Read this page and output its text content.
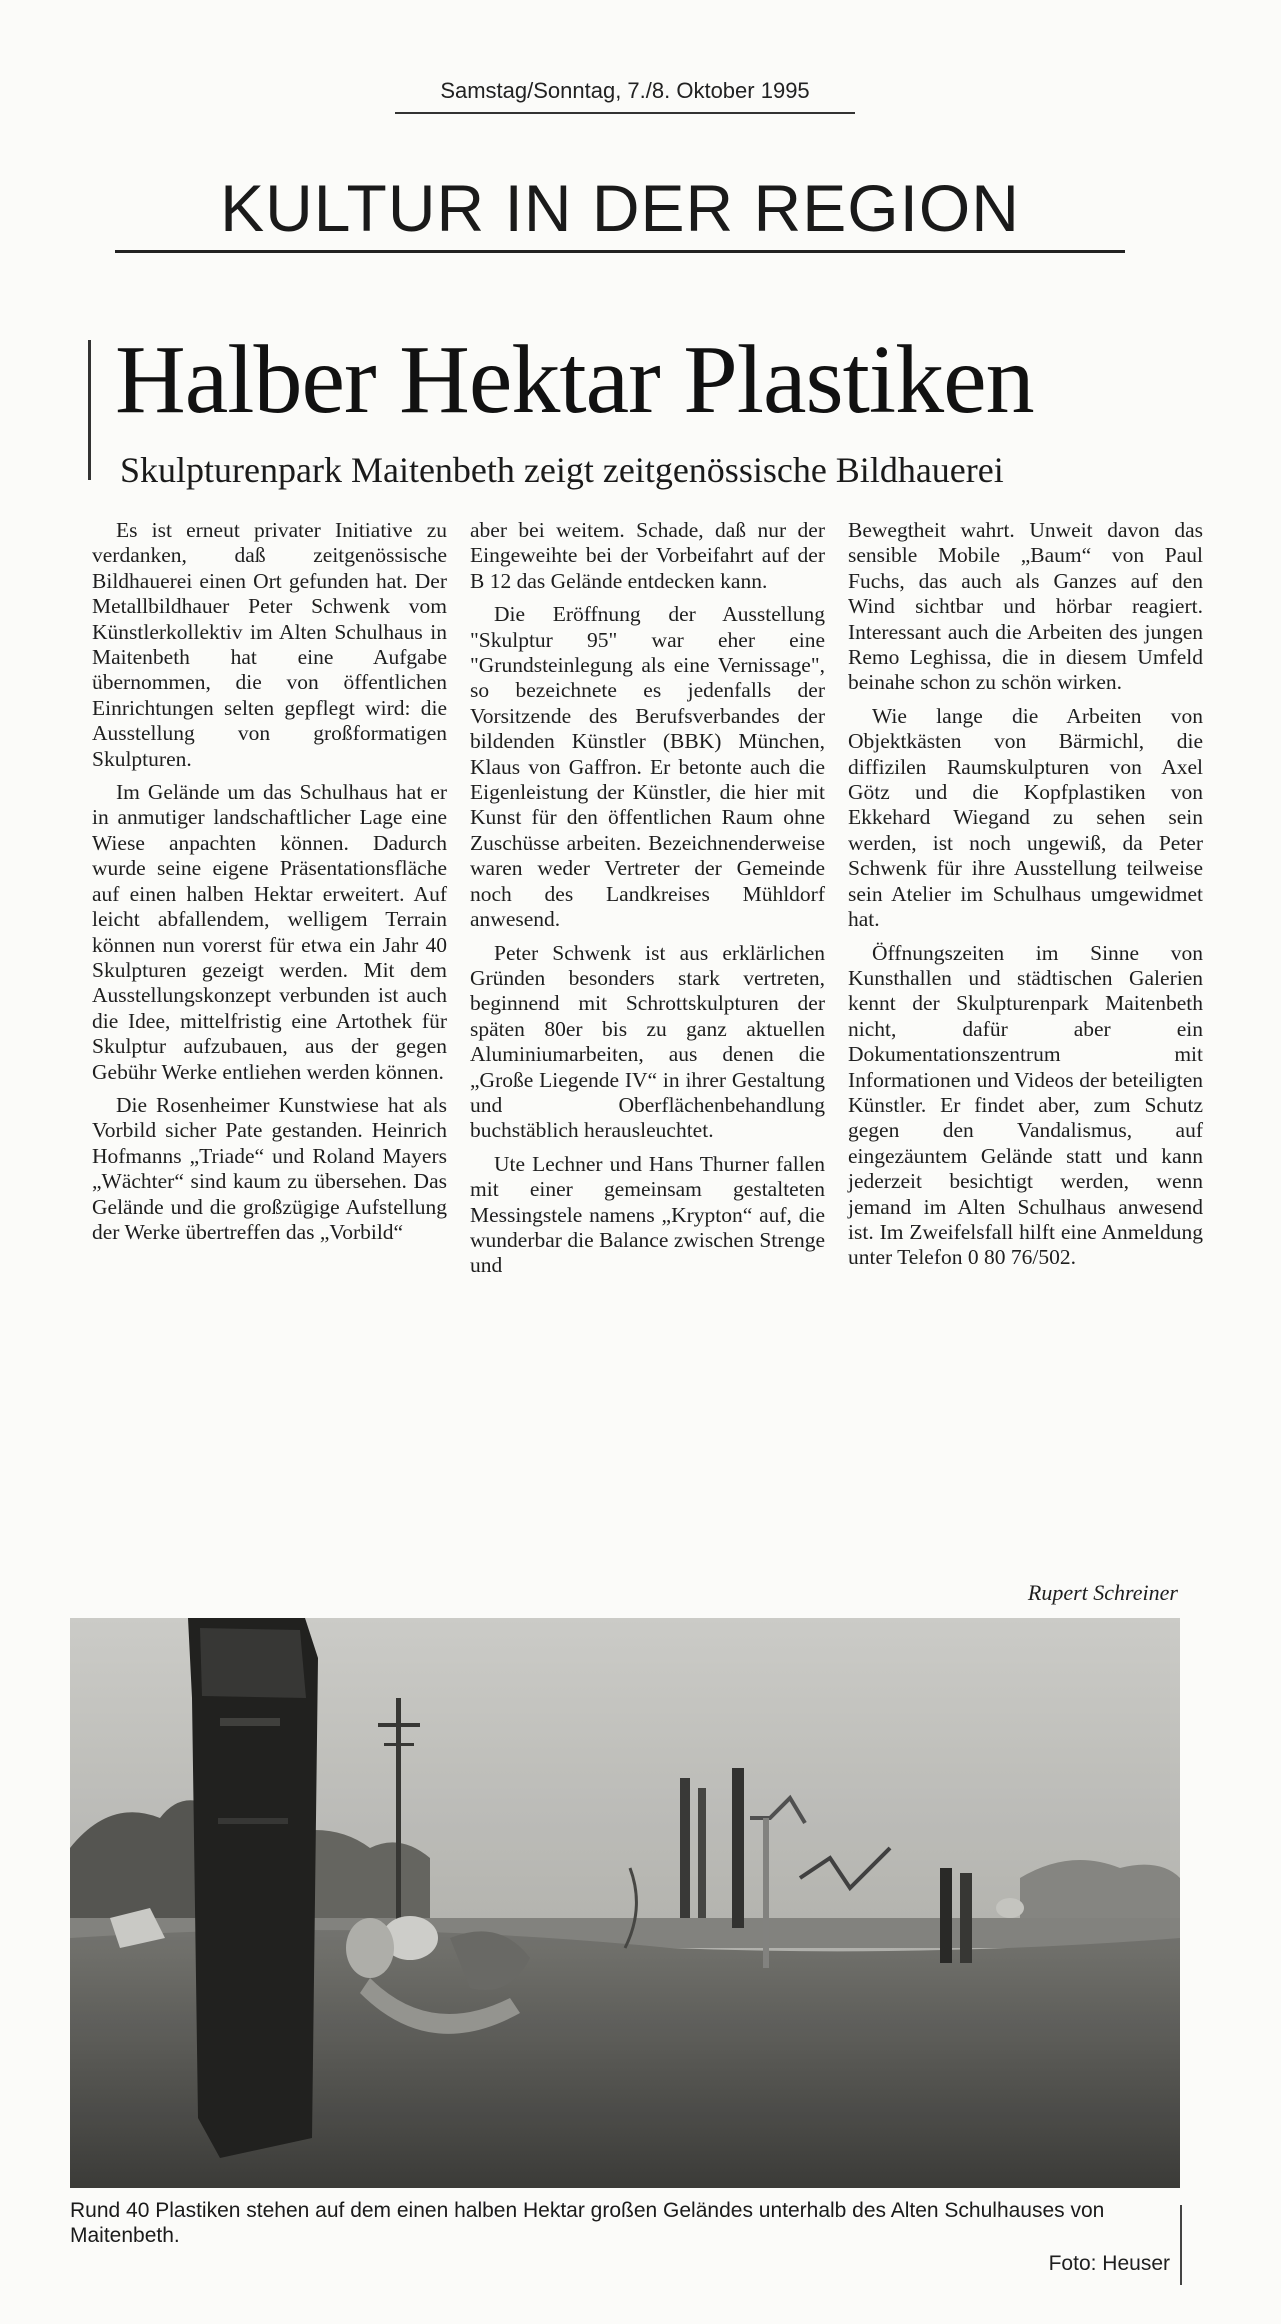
Samstag/Sonntag, 7./8. Oktober 1995
KULTUR IN DER REGION
Halber Hektar Plastiken
Skulpturenpark Maitenbeth zeigt zeitgenössische Bildhauerei

Es ist erneut privater Initiative zu verdanken, daß zeitgenössische Bildhauerei einen Ort gefunden hat. Der Metallbildhauer Peter Schwenk vom Künstlerkollektiv im Alten Schulhaus in Maitenbeth hat eine Aufgabe übernommen, die von öffentlichen Einrichtungen selten gepflegt wird: die Ausstellung von großformatigen Skulpturen.

Im Gelände um das Schulhaus hat er in anmutiger landschaftlicher Lage eine Wiese anpachten können. Dadurch wurde seine eigene Präsentationsfläche auf einen halben Hektar erweitert. Auf leicht abfallendem, welligem Terrain können nun vorerst für etwa ein Jahr 40 Skulpturen gezeigt werden. Mit dem Ausstellungskonzept verbunden ist auch die Idee, mittelfristig eine Artothek für Skulptur aufzubauen, aus der gegen Gebühr Werke entliehen werden können.

Die Rosenheimer Kunstwiese hat als Vorbild sicher Pate gestanden. Heinrich Hofmanns „Triade“ und Roland Mayers „Wächter“ sind kaum zu übersehen. Das Gelände und die großzügige Aufstellung der Werke übertreffen das „Vorbild“

aber bei weitem. Schade, daß nur der Eingeweihte bei der Vorbeifahrt auf der B 12 das Gelände entdecken kann.

Die Eröffnung der Ausstellung "Skulptur 95" war eher eine "Grundsteinlegung als eine Vernissage", so bezeichnete es jedenfalls der Vorsitzende des Berufsverbandes der bildenden Künstler (BBK) München, Klaus von Gaffron. Er betonte auch die Eigenleistung der Künstler, die hier mit Kunst für den öffentlichen Raum ohne Zuschüsse arbeiten. Bezeichnenderweise waren weder Vertreter der Gemeinde noch des Landkreises Mühldorf anwesend.

Peter Schwenk ist aus erklärlichen Gründen besonders stark vertreten, beginnend mit Schrottskulpturen der späten 80er bis zu ganz aktuellen Aluminiumarbeiten, aus denen die „Große Liegende IV“ in ihrer Gestaltung und Oberflächenbehandlung buchstäblich herausleuchtet.

Ute Lechner und Hans Thurner fallen mit einer gemeinsam gestalteten Messingstele namens „Krypton“ auf, die wunderbar die Balance zwischen Strenge und

Bewegtheit wahrt. Unweit davon das sensible Mobile „Baum“ von Paul Fuchs, das auch als Ganzes auf den Wind sichtbar und hörbar reagiert. Interessant auch die Arbeiten des jungen Remo Leghissa, die in diesem Umfeld beinahe schon zu schön wirken.

Wie lange die Arbeiten von Objektkästen von Bärmichl, die diffizilen Raumskulpturen von Axel Götz und die Kopfplastiken von Ekkehard Wiegand zu sehen sein werden, ist noch ungewiß, da Peter Schwenk für ihre Ausstellung teilweise sein Atelier im Schulhaus umgewidmet hat.

Öffnungszeiten im Sinne von Kunsthallen und städtischen Galerien kennt der Skulpturenpark Maitenbeth nicht, dafür aber ein Dokumentationszentrum mit Informationen und Videos der beteiligten Künstler. Er findet aber, zum Schutz gegen den Vandalismus, auf eingezäuntem Gelände statt und kann jederzeit besichtigt werden, wenn jemand im Alten Schulhaus anwesend ist. Im Zweifelsfall hilft eine Anmeldung unter Telefon 0 80 76/502.

Rupert Schreiner
Rund 40 Plastiken stehen auf dem einen halben Hektar großen Geländes unterhalb des Alten Schulhauses von Maitenbeth.
Foto: Heuser
